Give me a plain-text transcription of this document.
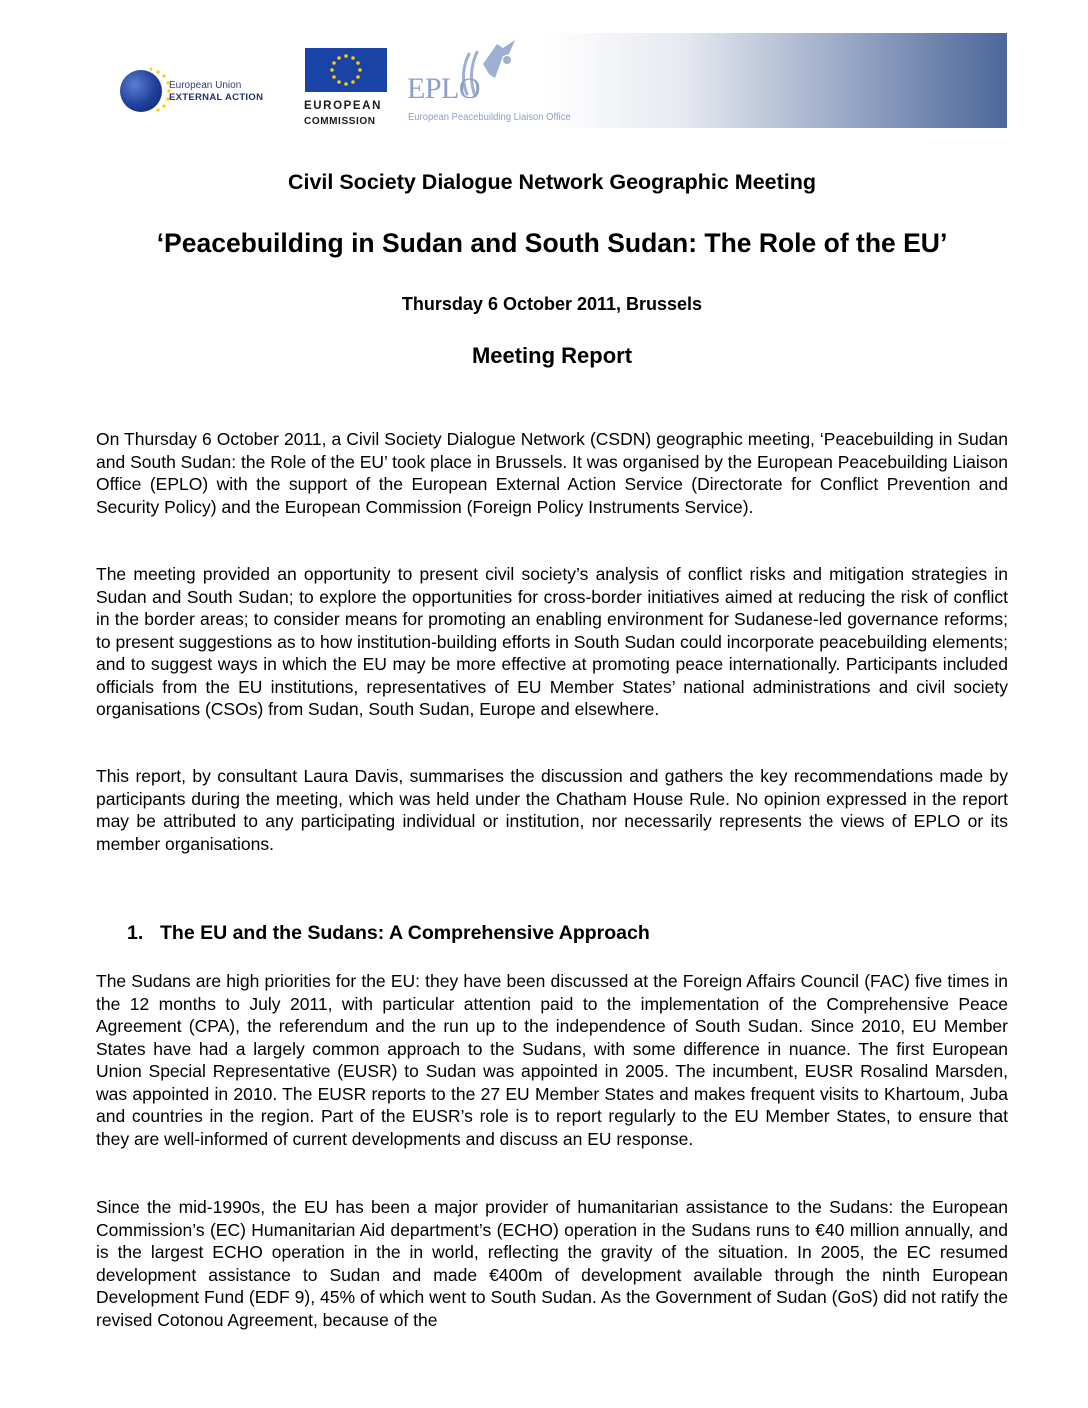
European Union
EXTERNAL ACTION
EUROPEAN
COMMISSION
EPLO
European Peacebuilding Liaison Office
Civil Society Dialogue Network Geographic Meeting
‘Peacebuilding in Sudan and South Sudan: The Role of the EU’
Thursday 6 October 2011, Brussels
Meeting Report
On Thursday 6 October 2011, a Civil Society Dialogue Network (CSDN) geographic meeting, ‘Peacebuilding in Sudan and South Sudan: the Role of the EU’ took place in Brussels. It was organised by the European Peacebuilding Liaison Office (EPLO) with the support of the European External Action Service (Directorate for Conflict Prevention and Security Policy) and the European Commission (Foreign Policy Instruments Service).
The meeting provided an opportunity to present civil society’s analysis of conflict risks and mitigation strategies in Sudan and South Sudan; to explore the opportunities for cross-border initiatives aimed at reducing the risk of conflict in the border areas; to consider means for promoting an enabling environment for Sudanese-led governance reforms; to present suggestions as to how institution-building efforts in South Sudan could incorporate peacebuilding elements; and to suggest ways in which the EU may be more effective at promoting peace internationally. Participants included officials from the EU institutions, representatives of EU Member States’ national administrations and civil society organisations (CSOs) from Sudan, South Sudan, Europe and elsewhere.
This report, by consultant Laura Davis, summarises the discussion and gathers the key recommendations made by participants during the meeting, which was held under the Chatham House Rule. No opinion expressed in the report may be attributed to any participating individual or institution, nor necessarily represents the views of EPLO or its member organisations.
1. The EU and the Sudans: A Comprehensive Approach
The Sudans are high priorities for the EU: they have been discussed at the Foreign Affairs Council (FAC) five times in the 12 months to July 2011, with particular attention paid to the implementation of the Comprehensive Peace Agreement (CPA), the referendum and the run up to the independence of South Sudan. Since 2010, EU Member States have had a largely common approach to the Sudans, with some difference in nuance. The first European Union Special Representative (EUSR) to Sudan was appointed in 2005. The incumbent, EUSR Rosalind Marsden, was appointed in 2010. The EUSR reports to the 27 EU Member States and makes frequent visits to Khartoum, Juba and countries in the region. Part of the EUSR’s role is to report regularly to the EU Member States, to ensure that they are well-informed of current developments and discuss an EU response.
Since the mid-1990s, the EU has been a major provider of humanitarian assistance to the Sudans: the European Commission’s (EC) Humanitarian Aid department’s (ECHO) operation in the Sudans runs to €40 million annually, and is the largest ECHO operation in the in world, reflecting the gravity of the situation. In 2005, the EC resumed development assistance to Sudan and made €400m of development available through the ninth European Development Fund (EDF 9), 45% of which went to South Sudan. As the Government of Sudan (GoS) did not ratify the revised Cotonou Agreement, because of the
